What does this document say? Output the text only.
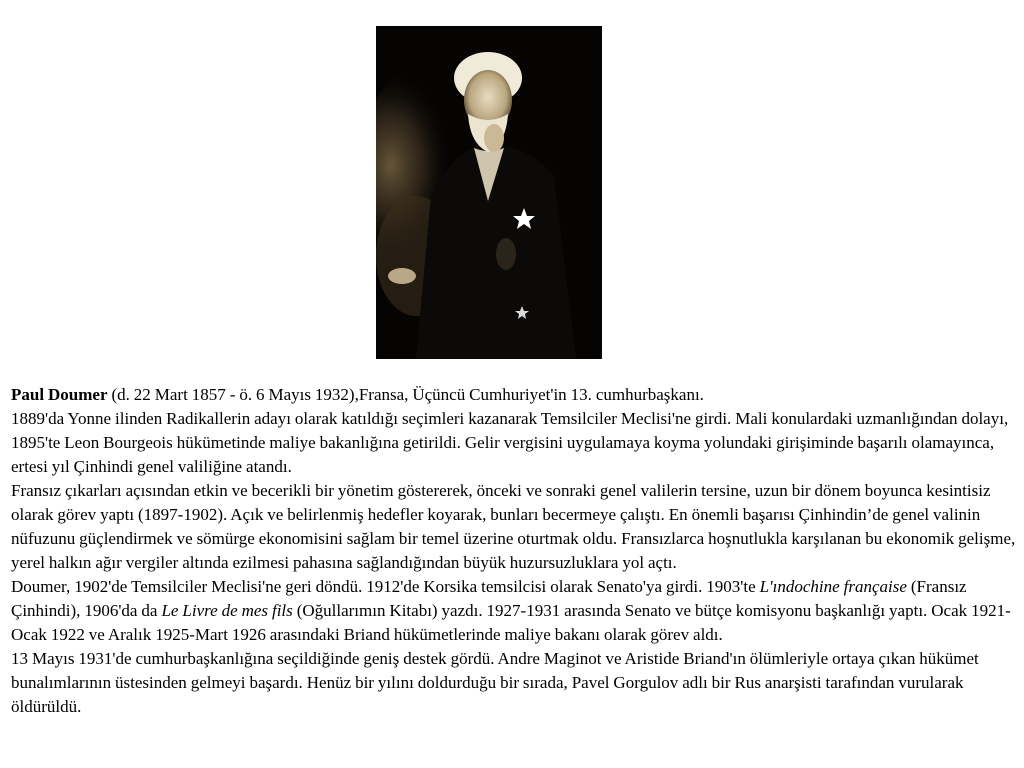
Paul Doumer (d. 22 Mart 1857 - ö. 6 Mayıs 1932),Fransa, Üçüncü Cumhuriyet'in 13. cumhurbaşkanı.

1889'da Yonne ilinden Radikallerin adayı olarak katıldığı seçimleri kazanarak Temsilciler Meclisi'ne girdi. Mali konulardaki uzmanlığından dolayı, 1895'te Leon Bourgeois hükümetinde maliye bakanlığına getirildi. Gelir vergisini uygulamaya koyma yolundaki girişiminde başarılı olamayınca, ertesi yıl Çinhindi genel valiliğine atandı.

Fransız çıkarları açısından etkin ve becerikli bir yönetim göstererek, önceki ve sonraki genel valilerin tersine, uzun bir dönem boyunca kesintisiz olarak görev yaptı (1897-1902). Açık ve belirlenmiş hedefler koyarak, bunları becermeye çalıştı. En önemli başarısı Çinhindin’de genel valinin nüfuzunu güçlendirmek ve sömürge ekonomisini sağlam bir temel üzerine oturtmak oldu. Fransızlarca hoşnutlukla karşılanan bu ekonomik gelişme, yerel halkın ağır vergiler altında ezilmesi pahasına sağlandığından büyük huzursuzluklara yol açtı.

Doumer, 1902'de Temsilciler Meclisi'ne geri döndü. 1912'de Korsika temsilcisi olarak Senato'ya girdi. 1903'te L'ındochine française (Fransız Çinhindi), 1906'da da Le Livre de mes fils (Oğullarımın Kitabı) yazdı. 1927-1931 arasında Senato ve bütçe komisyonu başkanlığı yaptı. Ocak 1921-Ocak 1922 ve Aralık 1925-Mart 1926 arasındaki Briand hükümetlerinde maliye bakanı olarak görev aldı.

13 Mayıs 1931'de cumhurbaşkanlığına seçildiğinde geniş destek gördü. Andre Maginot ve Aristide Briand'ın ölümleriyle ortaya çıkan hükümet bunalımlarının üstesinden gelmeyi başardı. Henüz bir yılını doldurduğu bir sırada, Pavel Gorgulov adlı bir Rus anarşisti tarafından vurularak öldürüldü.
